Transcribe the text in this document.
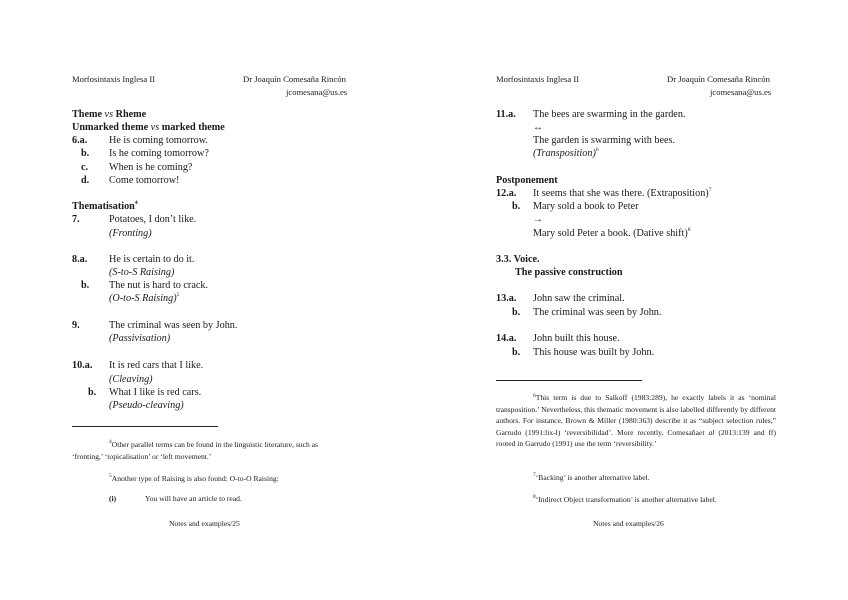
Morfosintaxis Inglesa II	Dr Joaquín Comesaña Rincón
jcomesana@us.es
Theme vs Rheme
Unmarked theme vs marked theme
6.a. He is coming tomorrow.
b. Is he coming tomorrow?
c. When is he coming?
d. Come tomorrow!
Thematisation$^4$
7.	Potatoes, I don’t like.
(Fronting)
8.a. He is certain to do it.
(S-to-S Raising)
b. The nut is hard to crack.
(O-to-S Raising)$^5$
9.	The criminal was seen by John.
(Passivisation)
10.a. It is red cars that I like.
(Cleaving)
b. What I like is red cars.
(Pseudo-cleaving)
$^4$Other parallel terms can be found in the linguistic literature, such as
‘fronting,’ ‘topicalisation’ or ‘left movement.’
$^5$Another type of Raising is also found: O-to-O Raising:
(i)	You will have an article to read.
Notes and examples/25
Morfosintaxis Inglesa II	Dr Joaquín Comesaña Rincón
jcomesana@us.es
11.a. The bees are swarming in the garden.
↔
The garden is swarming with bees.
(Transposition)$^6$
Postponement
12.a. It seems that she was there. (Extraposition)$^7$
b. Mary sold a book to Peter
→
Mary sold Peter a book. (Dative shift)$^8$
3.3. Voice.
The passive construction
13.a. John saw the criminal.
b. The criminal was seen by John.
14.a. John built this house.
b. This house was built by John.
$^6$This term is due to Salkoff (1983:289), he exactly labels it as ‘nominal transposition.’ Nevertheless, this thematic movement is also labelled differently by different authors. For instance, Brown & Miller (1980:363) describe it as “subject selection rules,” Garrudo (1991:lix-l) ‘reversibilidad’. More recently, Comesañaet al (2013:139 and ff) rooted in Garrudo (1991) use the term ‘reversibility.’
$^7$‘Backing’ is another alternative label.
$^8$‘Indirect Object transformation’ is another alternative label.
Notes and examples/26
